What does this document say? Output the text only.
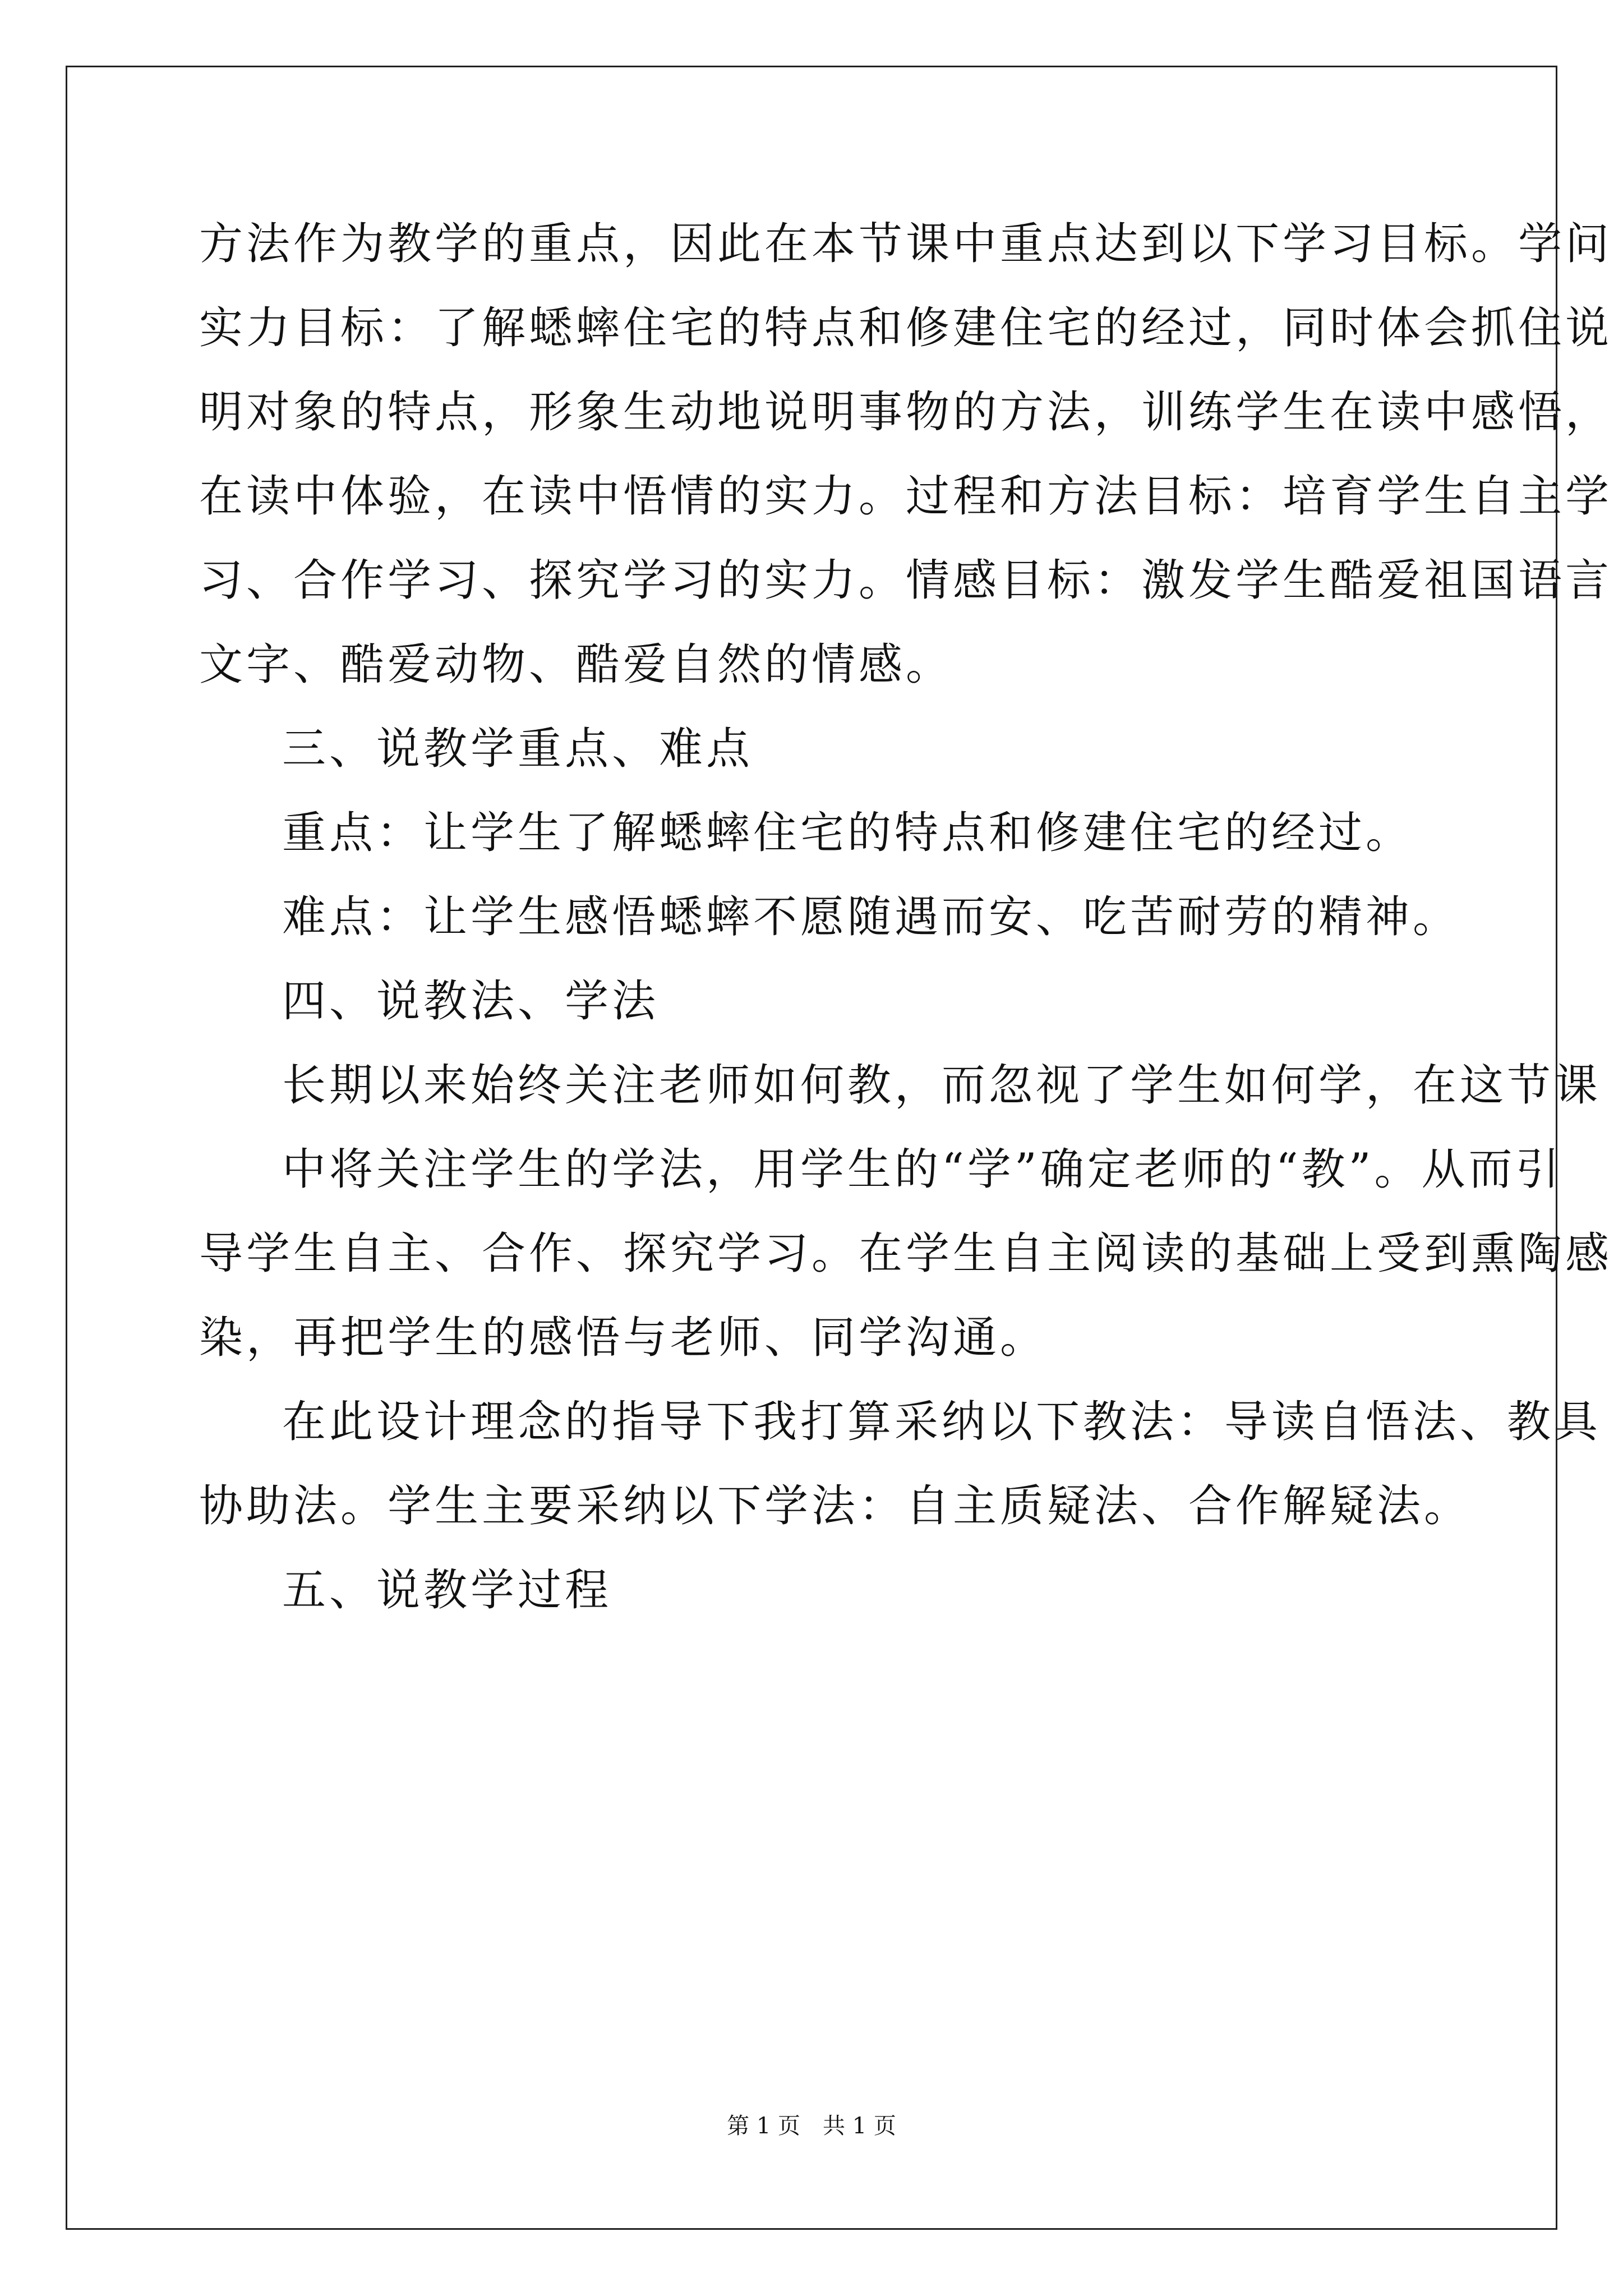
方法作为教学的重点，因此在本节课中重点达到以下学习目标。学问
实力目标：了解蟋蟀住宅的特点和修建住宅的经过，同时体会抓住说
明对象的特点，形象生动地说明事物的方法，训练学生在读中感悟，
在读中体验，在读中悟情的实力。过程和方法目标：培育学生自主学
习、合作学习、探究学习的实力。情感目标：激发学生酷爱祖国语言
文字、酷爱动物、酷爱自然的情感。
三、说教学重点、难点
重点：让学生了解蟋蟀住宅的特点和修建住宅的经过。
难点：让学生感悟蟋蟀不愿随遇而安、吃苦耐劳的精神。
四、说教法、学法
长期以来始终关注老师如何教，而忽视了学生如何学，在这节课
中将关注学生的学法，用学生的“学”确定老师的“教”。从而引
导学生自主、合作、探究学习。在学生自主阅读的基础上受到熏陶感
染，再把学生的感悟与老师、同学沟通。
在此设计理念的指导下我打算采纳以下教法：导读自悟法、教具
协助法。学生主要采纳以下学法：自主质疑法、合作解疑法。
五、说教学过程
第 1 页　共 1 页
